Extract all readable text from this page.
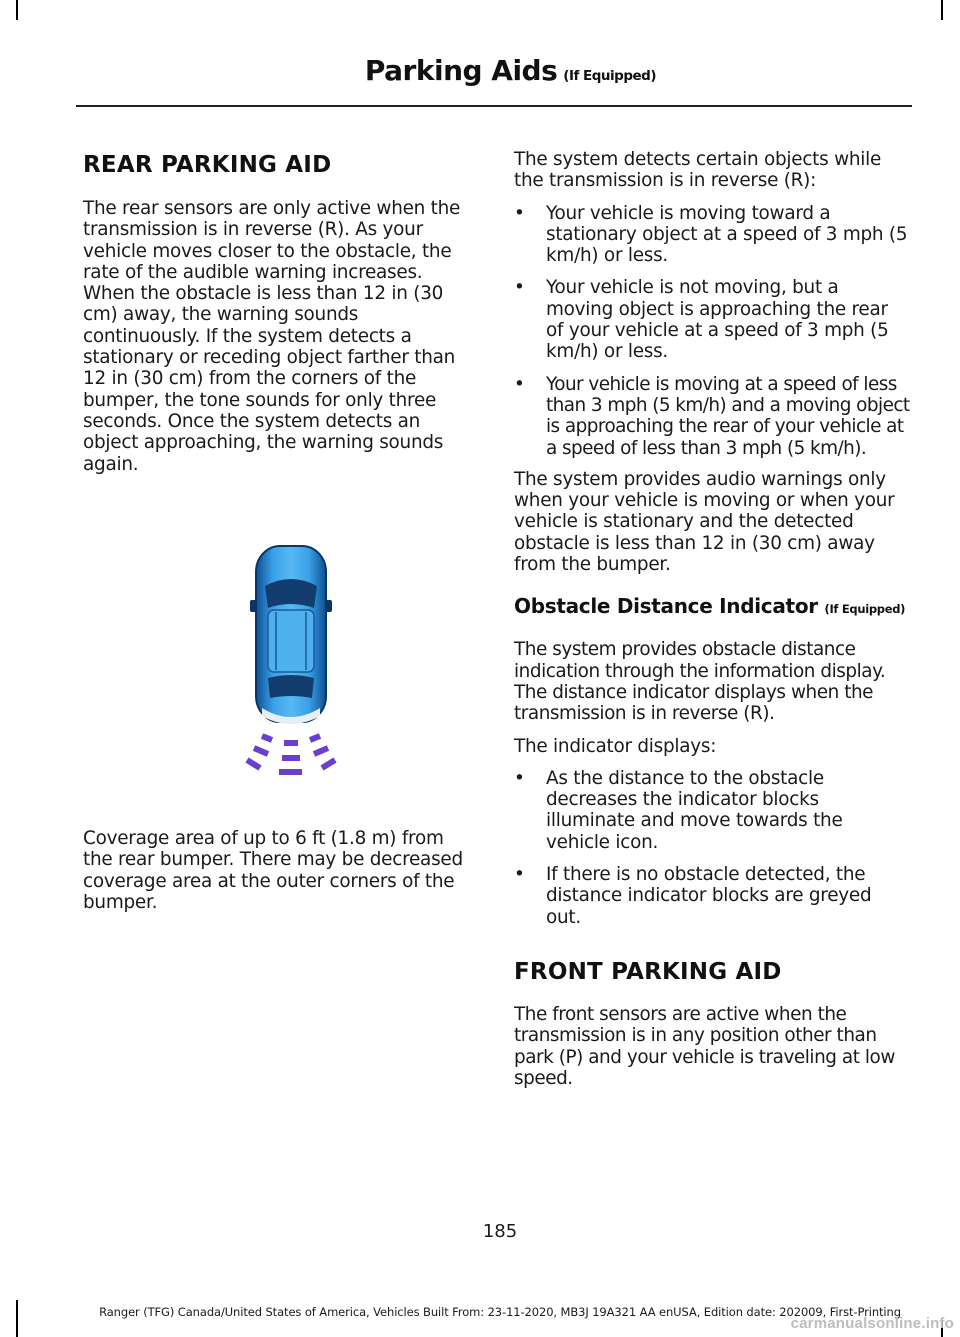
Parking Aids (If Equipped)
REAR PARKING AID

The rear sensors are only active when the transmission is in reverse (R). As your vehicle moves closer to the obstacle, the rate of the audible warning increases. When the obstacle is less than 12 in (30 cm) away, the warning sounds continuously. If the system detects a stationary or receding object farther than 12 in (30 cm) from the corners of the bumper, the tone sounds for only three seconds. Once the system detects an object approaching, the warning sounds again.

Coverage area of up to 6 ft (1.8 m) from the rear bumper. There may be decreased coverage area at the outer corners of the bumper.

The system detects certain objects while the transmission is in reverse (R):

• Your vehicle is moving toward a stationary object at a speed of 3 mph (5 km/h) or less.
• Your vehicle is not moving, but a moving object is approaching the rear of your vehicle at a speed of 3 mph (5 km/h) or less.
• Your vehicle is moving at a speed of less than 3 mph (5 km/h) and a moving object is approaching the rear of your vehicle at a speed of less than 3 mph (5 km/h).

The system provides audio warnings only when your vehicle is moving or when your vehicle is stationary and the detected obstacle is less than 12 in (30 cm) away from the bumper.

Obstacle Distance Indicator (If Equipped)

The system provides obstacle distance indication through the information display. The distance indicator displays when the transmission is in reverse (R).

The indicator displays:

• As the distance to the obstacle decreases the indicator blocks illuminate and move towards the vehicle icon.
• If there is no obstacle detected, the distance indicator blocks are greyed out.
FRONT PARKING AID

The front sensors are active when the transmission is in any position other than park (P) and your vehicle is traveling at low speed.

185
Ranger (TFG) Canada/United States of America, Vehicles Built From: 23-11-2020, MB3J 19A321 AA enUSA, Edition date: 202009, First-Printing
carmanualsonline.info
